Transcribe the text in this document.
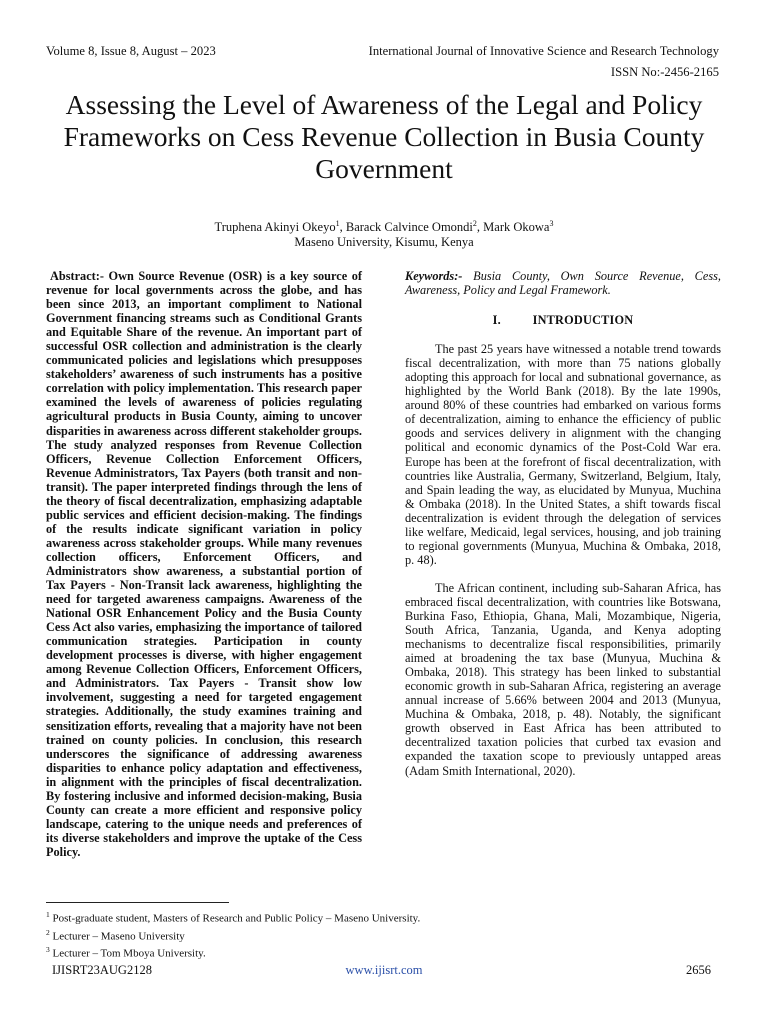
Volume 8, Issue 8, August – 2023	International Journal of Innovative Science and Research Technology
ISSN No:-2456-2165
Assessing the Level of Awareness of the Legal and Policy Frameworks on Cess Revenue Collection in Busia County Government
Truphena Akinyi Okeyo$^1$, Barack Calvince Omondi$^2$, Mark Okowa$^3$
Maseno University, Kisumu, Kenya

Abstract:- Own Source Revenue (OSR) is a key source of revenue for local governments across the globe, and has been since 2013, an important compliment to National Government financing streams such as Conditional Grants and Equitable Share of the revenue. An important part of successful OSR collection and administration is the clearly communicated policies and legislations which presupposes stakeholders’ awareness of such instruments has a positive correlation with policy implementation. This research paper examined the levels of awareness of policies regulating agricultural products in Busia County, aiming to uncover disparities in awareness across different stakeholder groups. The study analyzed responses from Revenue Collection Officers, Revenue Collection Enforcement Officers, Revenue Administrators, Tax Payers (both transit and non-transit). The paper interpreted findings through the lens of the theory of fiscal decentralization, emphasizing adaptable public services and efficient decision-making. The findings of the results indicate significant variation in policy awareness across stakeholder groups. While many revenues collection officers, Enforcement Officers, and Administrators show awareness, a substantial portion of Tax Payers - Non-Transit lack awareness, highlighting the need for targeted awareness campaigns. Awareness of the National OSR Enhancement Policy and the Busia County Cess Act also varies, emphasizing the importance of tailored communication strategies. Participation in county development processes is diverse, with higher engagement among Revenue Collection Officers, Enforcement Officers, and Administrators. Tax Payers - Transit show low involvement, suggesting a need for targeted engagement strategies. Additionally, the study examines training and sensitization efforts, revealing that a majority have not been trained on county policies. In conclusion, this research underscores the significance of addressing awareness disparities to enhance policy adaptation and effectiveness, in alignment with the principles of fiscal decentralization. By fostering inclusive and informed decision-making, Busia County can create a more efficient and responsive policy landscape, catering to the unique needs and preferences of its diverse stakeholders and improve the uptake of the Cess Policy.

Keywords:- Busia County, Own Source Revenue, Cess, Awareness, Policy and Legal Framework.

I.	INTRODUCTION

The past 25 years have witnessed a notable trend towards fiscal decentralization, with more than 75 nations globally adopting this approach for local and subnational governance, as highlighted by the World Bank (2018). By the late 1990s, around 80% of these countries had embarked on various forms of decentralization, aiming to enhance the efficiency of public goods and services delivery in alignment with the changing political and economic dynamics of the Post-Cold War era. Europe has been at the forefront of fiscal decentralization, with countries like Australia, Germany, Switzerland, Belgium, Italy, and Spain leading the way, as elucidated by Munyua, Muchina & Ombaka (2018). In the United States, a shift towards fiscal decentralization is evident through the delegation of services like welfare, Medicaid, legal services, housing, and job training to regional governments (Munyua, Muchina & Ombaka, 2018, p. 48).

The African continent, including sub-Saharan Africa, has embraced fiscal decentralization, with countries like Botswana, Burkina Faso, Ethiopia, Ghana, Mali, Mozambique, Nigeria, South Africa, Tanzania, Uganda, and Kenya adopting mechanisms to decentralize fiscal responsibilities, primarily aimed at broadening the tax base (Munyua, Muchina & Ombaka, 2018). This strategy has been linked to substantial economic growth in sub-Saharan Africa, registering an average annual increase of 5.66% between 2004 and 2013 (Munyua, Muchina & Ombaka, 2018, p. 48). Notably, the significant growth observed in East Africa has been attributed to decentralized taxation policies that curbed tax evasion and expanded the taxation scope to previously untapped areas (Adam Smith International, 2020).

$^1$ Post-graduate student, Masters of Research and Public Policy – Maseno University.
$^2$ Lecturer – Maseno University
$^3$ Lecturer – Tom Mboya University.
IJISRT23AUG2128	www.ijisrt.com	2656
